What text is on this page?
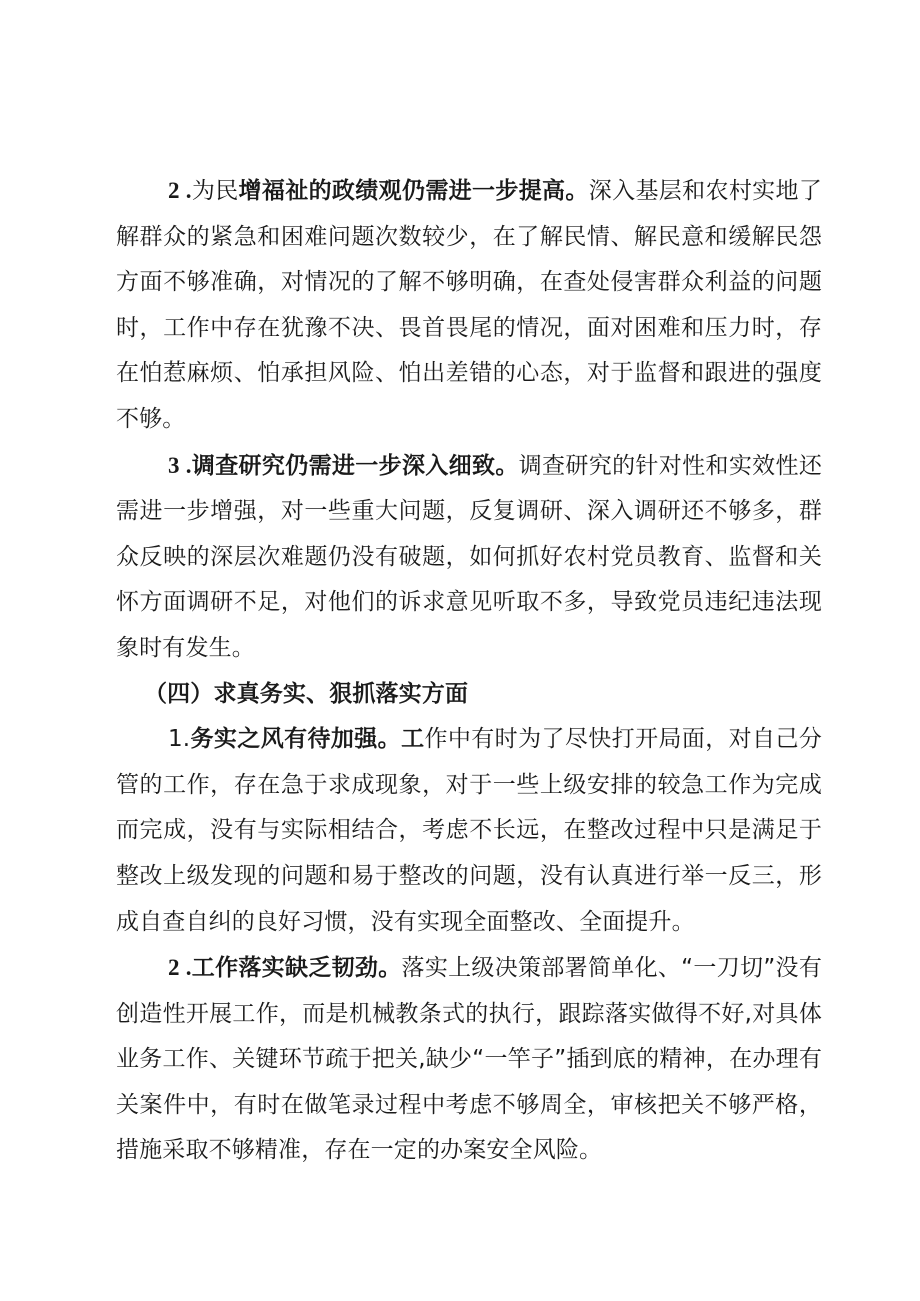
2 .为民增福祉的政绩观仍需进一步提高。深入基层和农村实地了解群众的紧急和困难问题次数较少，在了解民情、解民意和缓解民怨方面不够准确，对情况的了解不够明确，在查处侵害群众利益的问题时，工作中存在犹豫不决、畏首畏尾的情况，面对困难和压力时，存在怕惹麻烦、怕承担风险、怕出差错的心态，对于监督和跟进的强度不够。

3 .调查研究仍需进一步深入细致。调查研究的针对性和实效性还需进一步增强，对一些重大问题，反复调研、深入调研还不够多，群众反映的深层次难题仍没有破题，如何抓好农村党员教育、监督和关怀方面调研不足，对他们的诉求意见听取不多，导致党员违纪违法现象时有发生。

（四）求真务实、狠抓落实方面

1.务实之风有待加强。工作中有时为了尽快打开局面，对自己分管的工作，存在急于求成现象，对于一些上级安排的较急工作为完成而完成，没有与实际相结合，考虑不长远，在整改过程中只是满足于整改上级发现的问题和易于整改的问题，没有认真进行举一反三，形成自查自纠的良好习惯，没有实现全面整改、全面提升。

2 .工作落实缺乏韧劲。落实上级决策部署简单化、“一刀切”没有创造性开展工作，而是机械教条式的执行，跟踪落实做得不好,对具体业务工作、关键环节疏于把关,缺少“一竿子”插到底的精神，在办理有关案件中，有时在做笔录过程中考虑不够周全，审核把关不够严格，措施采取不够精准，存在一定的办案安全风险。
